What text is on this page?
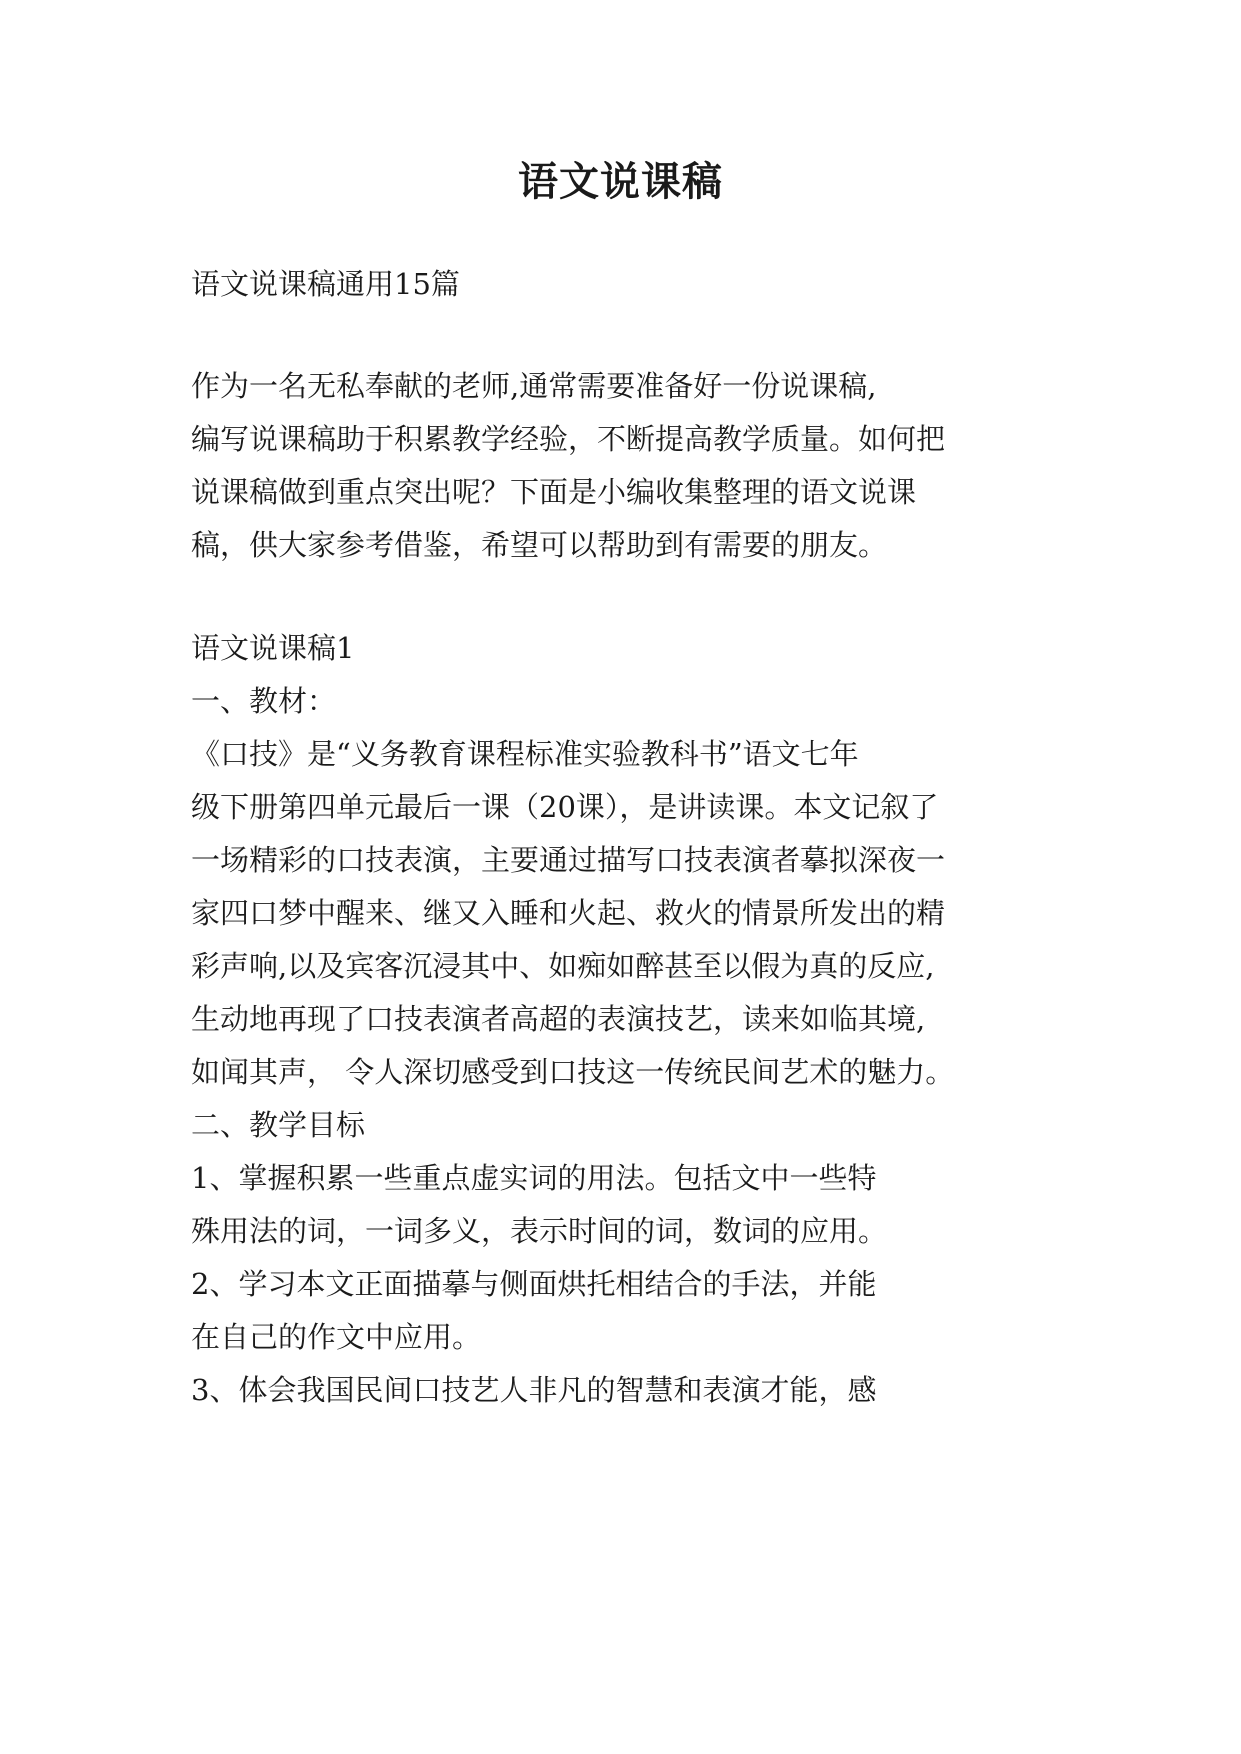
语文说课稿
语文说课稿通用15篇
作为一名无私奉献的老师,通常需要准备好一份说课稿,
编写说课稿助于积累教学经验，不断提高教学质量。如何把
说课稿做到重点突出呢？下面是小编收集整理的语文说课
稿，供大家参考借鉴，希望可以帮助到有需要的朋友。
语文说课稿1
一、教材：
《口技》是“义务教育课程标准实验教科书”语文七年
级下册第四单元最后一课（20课），是讲读课。本文记叙了
一场精彩的口技表演，主要通过描写口技表演者摹拟深夜一
家四口梦中醒来、继又入睡和火起、救火的情景所发出的精
彩声响,以及宾客沉浸其中、如痴如醉甚至以假为真的反应,
生动地再现了口技表演者高超的表演技艺，读来如临其境,
如闻其声， 令人深切感受到口技这一传统民间艺术的魅力。
二、教学目标
1、掌握积累一些重点虚实词的用法。包括文中一些特
殊用法的词，一词多义，表示时间的词，数词的应用。
2、学习本文正面描摹与侧面烘托相结合的手法，并能
在自己的作文中应用。
3、体会我国民间口技艺人非凡的智慧和表演才能，感
